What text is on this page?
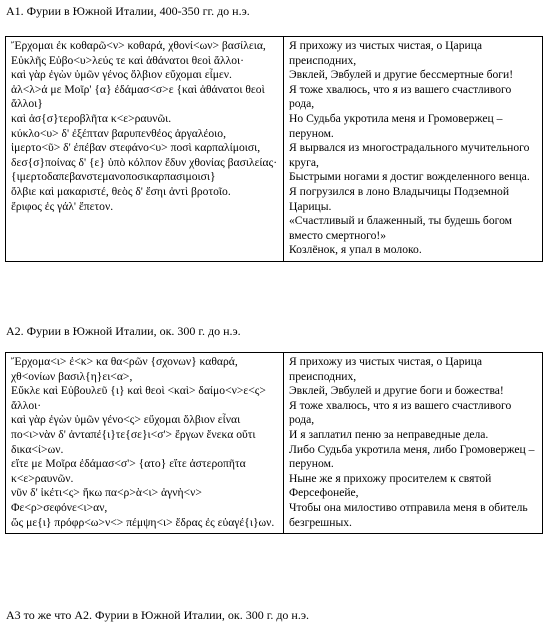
A1. Фурии в Южной Италии, 400-350 гг. до н.э.
Ἔρχομαι ἐκ κοθαρῶ<ν> κοθαρά, χθονί<ων> βασίλεια,
Εὐκλῆς Εὐβο<υ>λεύς τε καὶ ἀθάνατοι θεοὶ ἄλλοι·
καὶ γὰρ ἐγὼν ὑμῶν γένος ὄλβιον εὔχομαι εἶμεν.
ἀλ<λ>ά με Μοῖρ' {α} ἐδάμασ<σ>ε {καὶ ἀθάνατοι θεοὶ ἄλλοι}
καὶ ἀσ{σ}τεροβλῆτα κ<ε>ραυνῶι.
κύκλο<υ> δ' ἐξέπταν βαρυπενθέος ἀργαλέοιο,
ἱμερτο<ῦ> δ' ἐπέβαν στεφάνο<υ> ποσὶ καρπαλίμοισι,
δεσ{σ}ποίνας δ' {ε} ὑπὸ κόλπον ἔδυν χθονίας βασιλείας·
{ιμερτοδαπεβανστεμανοποσικαρπασιμοισι}
ὄλβιε καὶ μακαριστέ, θεὸς δ' ἔσηι ἀντὶ βροτοῖο.
ἔριφος ἐς γάλ' ἔπετον.

Я прихожу из чистых чистая, о Царица преисподних,
Эвклей, Эвбулей и другие бессмертные боги!
Я тоже хвалюсь, что я из вашего счастливого рода,
Но Судьба укротила меня и Громовержец – перуном.
Я вырвался из многострадального мучительного круга,
Быстрыми ногами я достиг вожделенного венца.
Я погрузился в лоно Владычицы Подземной Царицы.
«Счастливый и блаженный, ты будешь богом вместо смертного!»
Козлёнок, я упал в молоко.
A2. Фурии в Южной Италии, ок. 300 г. до н.э.
Ἔρχομα<ι> ἐ<κ> κα θα<ρῶν {σχονων} καθαρά, χθ<ονίων βασιλ{η}ει<α>,
Εὔκλε καὶ Εὐβουλεῦ {ι} καὶ θεοὶ <καὶ> δαίμο<ν>ε<ς> ἄλλοι·
καὶ γὰρ ἐγὼν ὑμῶν γένο<ς> εὔχομαι ὄλβιον εἶναι
πο<ι>νὰν δ' ἀνταπέ{ι}τε{σε}ι<σ'> ἔργων ἕνεκα οὔτι δικα<ί>ων.
εἴτε με Μοῖρα ἐδάμασ<σ'> {ατο} εἴτε ἀστεροπῆτα κ<ε>ραυνῶν.
νῦν δ' ἱκέτι<ς> ἥκω πα<ρ>ὰ<ι> ἁγνὴ<ν> Φε<ρ>σεφόνε<ι>αν,
ὥς με{ι} πρόφρ<ω>ν<> πέμψη<ι> ἕδρας ἐς εὐαγέ{ι}ων.

Я прихожу из чистых чистая, о Царица преисподних,
Эвклей, Эвбулей и другие боги и божества!
Я тоже хвалюсь, что я из вашего счастливого рода,
И я заплатил пеню за неправедные дела.
Либо Судьба укротила меня, либо Громовержец – перуном.
Ныне же я прихожу просителем к святой Ферсефонейе,
Чтобы она милостиво отправила меня в обитель безгрешных.
А3 то же что А2. Фурии в Южной Италии, ок. 300 г. до н.э.
